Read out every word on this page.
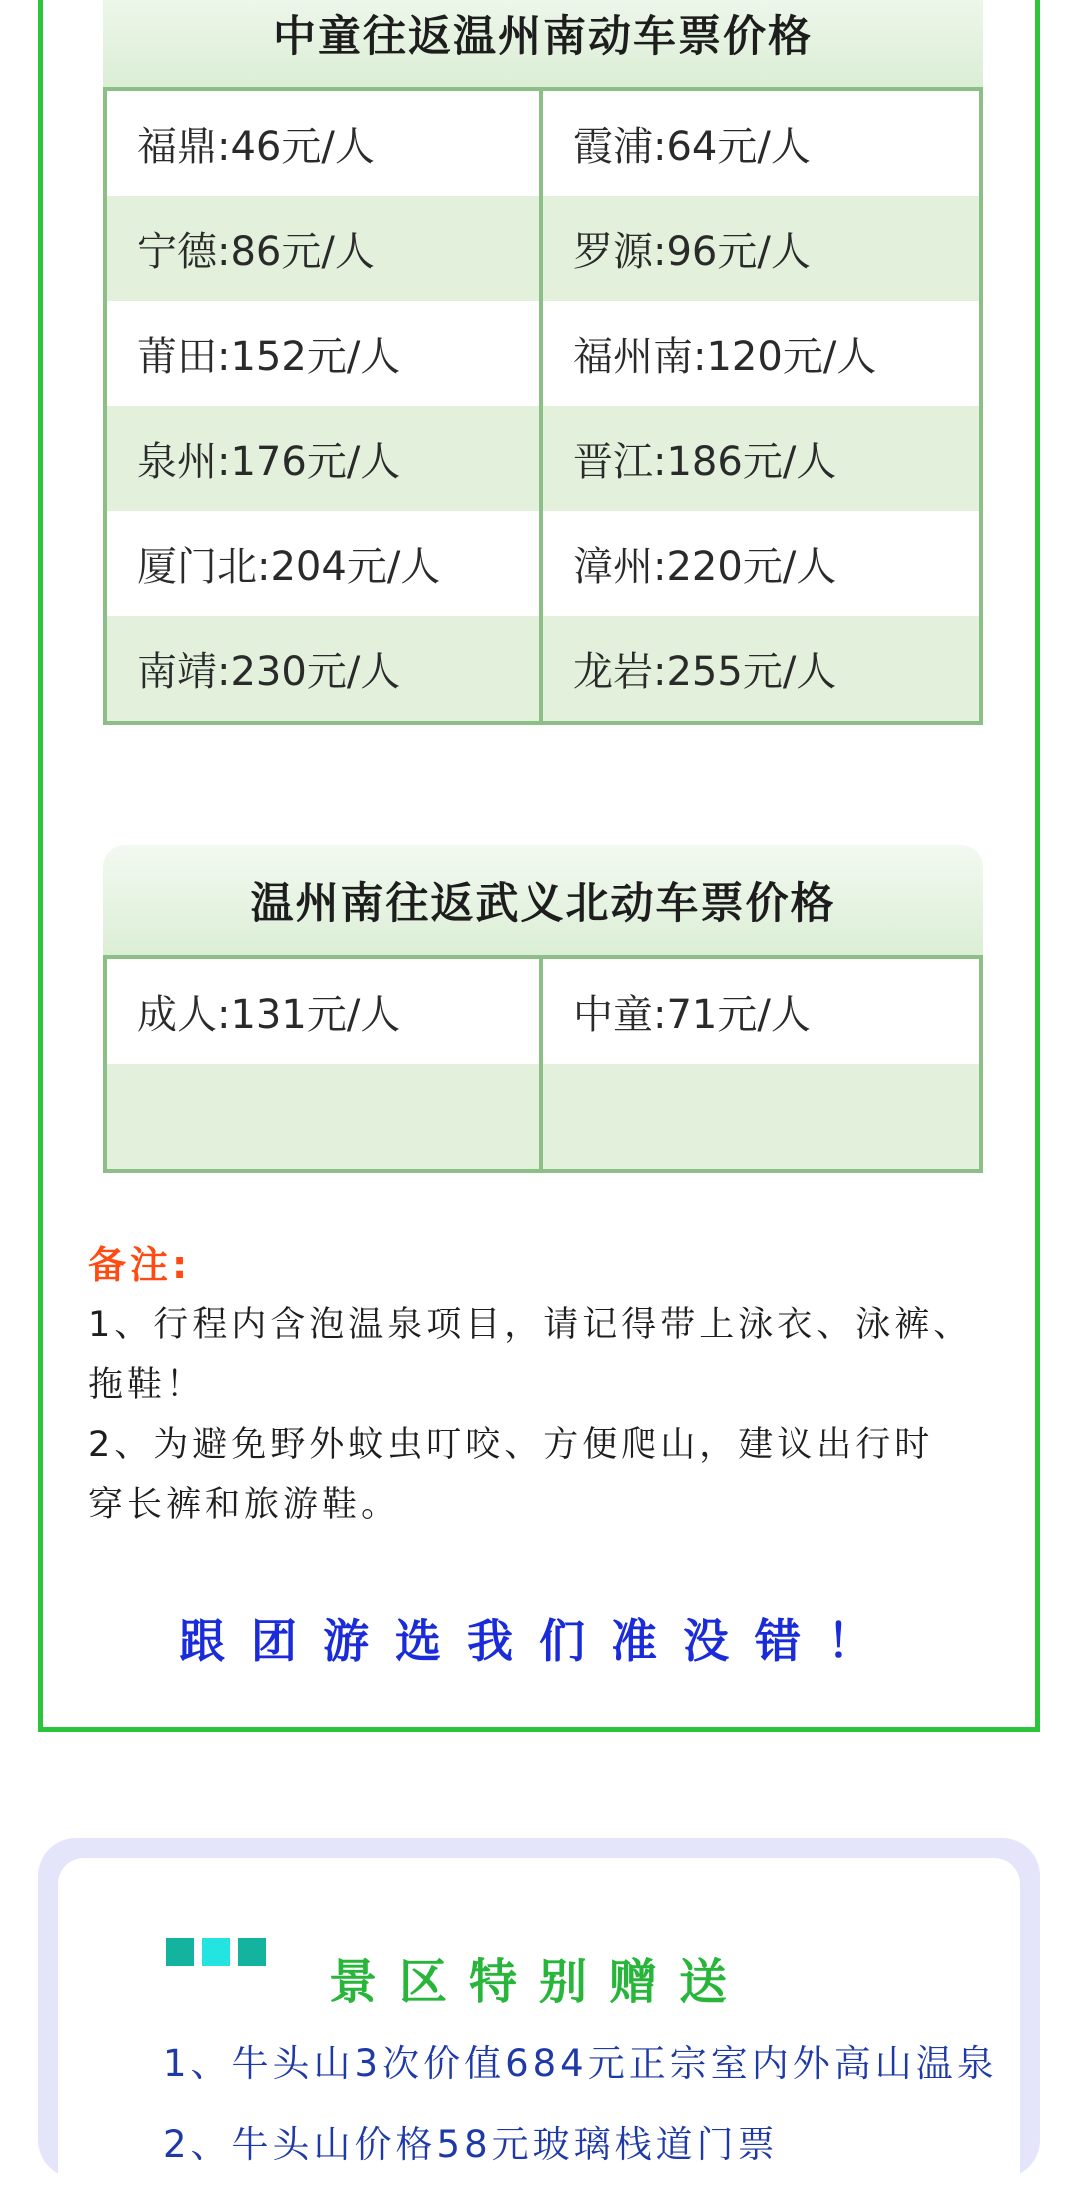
中童往返温州南动车票价格
福鼎:46元/人	霞浦:64元/人
宁德:86元/人	罗源:96元/人
莆田:152元/人	福州南:120元/人
泉州:176元/人	晋江:186元/人
厦门北:204元/人	漳州:220元/人
南靖:230元/人	龙岩:255元/人
温州南往返武义北动车票价格
成人:131元/人	中童:71元/人
备注:
1、行程内含泡温泉项目，请记得带上泳衣、泳裤、
拖鞋！
2、为避免野外蚊虫叮咬、方便爬山，建议出行时
穿长裤和旅游鞋。
跟团游选我们准没错！
景区特别赠送
1、牛头山3次价值684元正宗室内外高山温泉
2、牛头山价格58元玻璃栈道门票
